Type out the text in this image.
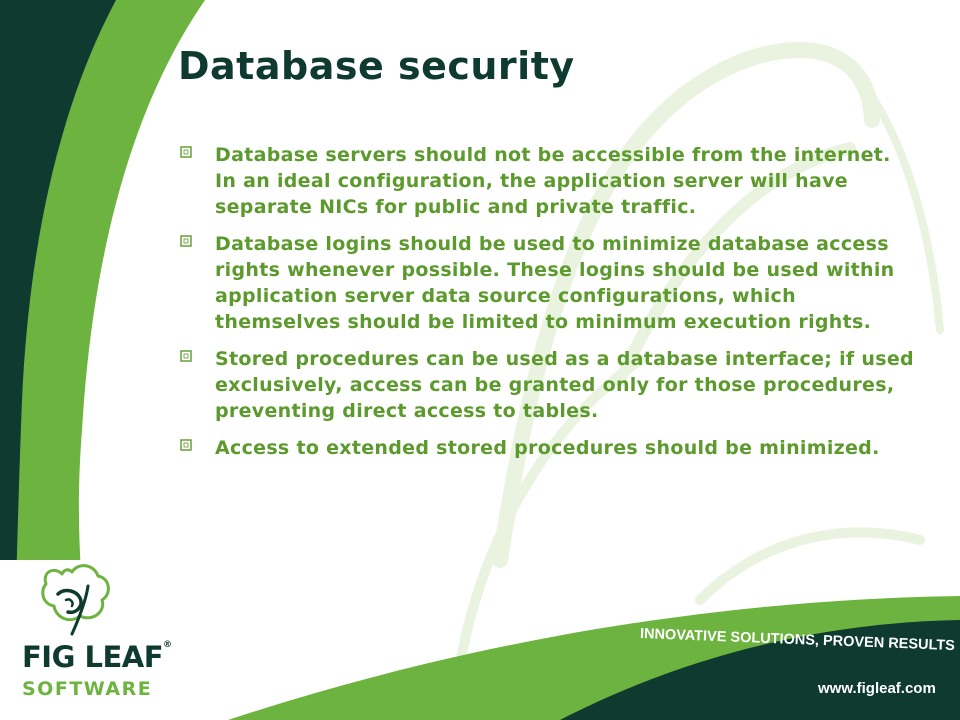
Database security
Database servers should not be accessible from the internet. In an ideal configuration, the application server will have separate NICs for public and private traffic.
Database logins should be used to minimize database access rights whenever possible. These logins should be used within application server data source configurations, which themselves should be limited to minimum execution rights.
Stored procedures can be used as a database interface; if used exclusively, access can be granted only for those procedures, preventing direct access to tables.
Access to extended stored procedures should be minimized.
FIG LEAF®
SOFTWARE
INNOVATIVE SOLUTIONS, PROVEN RESULTS
www.figleaf.com
